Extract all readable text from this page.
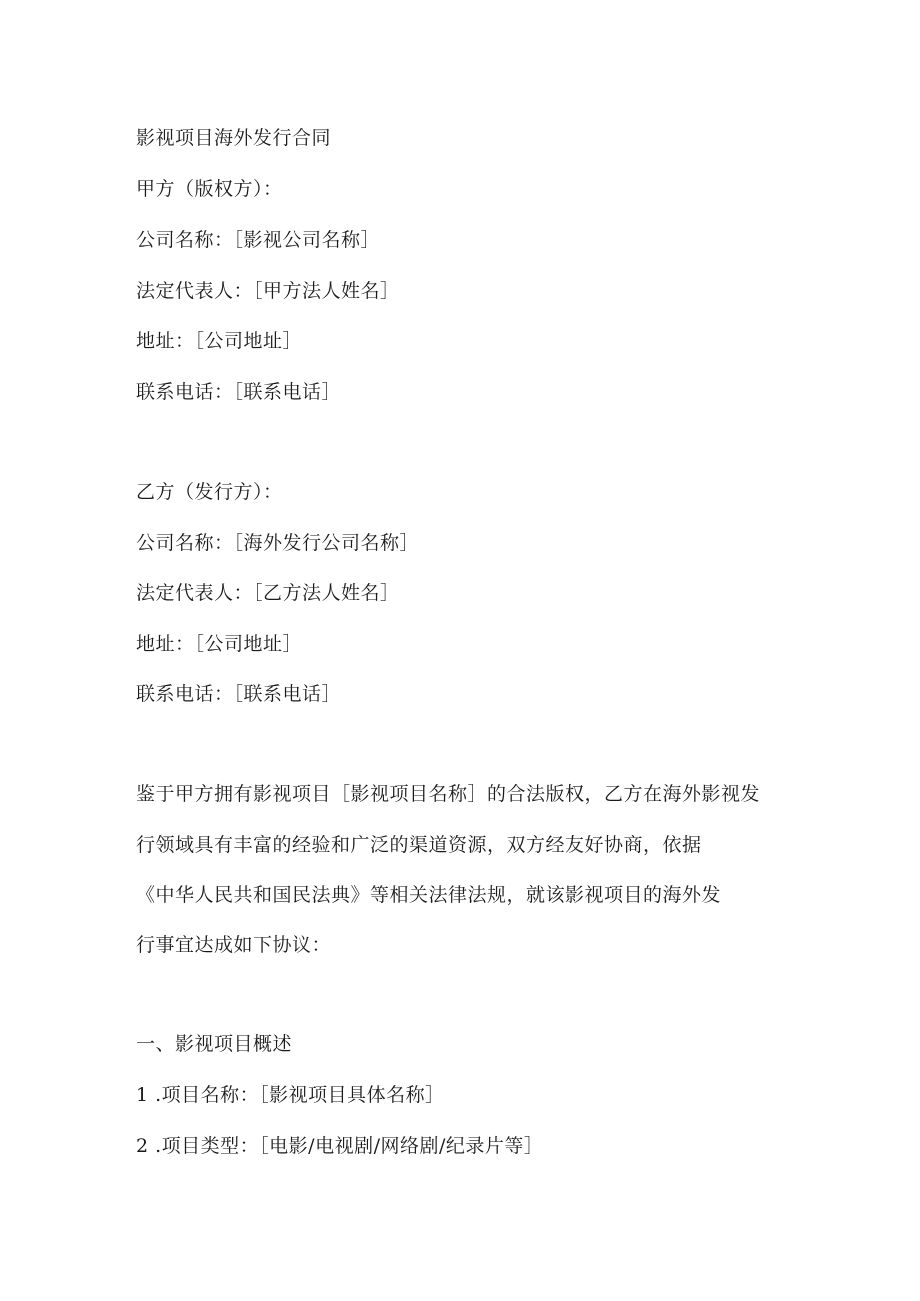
影视项目海外发行合同

甲方（版权方）：

公司名称：［影视公司名称］

法定代表人：［甲方法人姓名］

地址：［公司地址］

联系电话：［联系电话］

乙方（发行方）：

公司名称：［海外发行公司名称］

法定代表人：［乙方法人姓名］

地址：［公司地址］

联系电话：［联系电话］

鉴于甲方拥有影视项目［影视项目名称］的合法版权，乙方在海外影视发

行领域具有丰富的经验和广泛的渠道资源，双方经友好协商，依据

《中华人民共和国民法典》等相关法律法规，就该影视项目的海外发

行事宜达成如下协议：

一、影视项目概述

1 .项目名称：［影视项目具体名称］

2 .项目类型：［电影/电视剧/网络剧/纪录片等］
